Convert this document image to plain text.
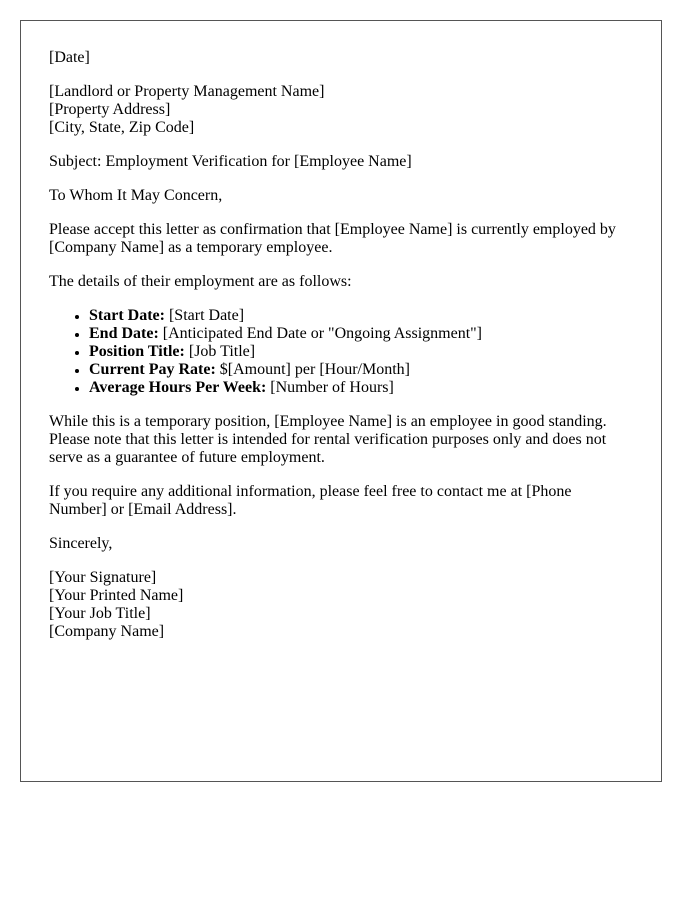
[Date]
[Landlord or Property Management Name]
[Property Address]
[City, State, Zip Code]

Subject: Employment Verification for [Employee Name]

To Whom It May Concern,

Please accept this letter as confirmation that [Employee Name] is currently employed by [Company Name] as a temporary employee.

The details of their employment are as follows:

• Start Date: [Start Date]
• End Date: [Anticipated End Date or "Ongoing Assignment"]
• Position Title: [Job Title]
• Current Pay Rate: $[Amount] per [Hour/Month]
• Average Hours Per Week: [Number of Hours]

While this is a temporary position, [Employee Name] is an employee in good standing. Please note that this letter is intended for rental verification purposes only and does not serve as a guarantee of future employment.

If you require any additional information, please feel free to contact me at [Phone Number] or [Email Address].

Sincerely,

[Your Signature]
[Your Printed Name]
[Your Job Title]
[Company Name]
